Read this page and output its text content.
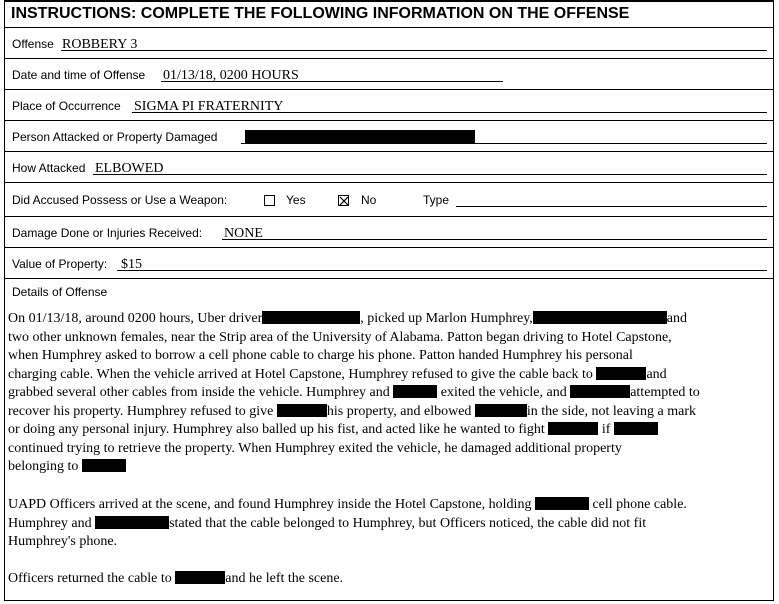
INSTRUCTIONS: COMPLETE THE FOLLOWING INFORMATION ON THE OFFENSE
Offense ROBBERY 3
Date and time of Offense 01/13/18, 0200 HOURS
Place of Occurrence SIGMA PI FRATERNITY
Person Attacked or Property Damaged
How Attacked ELBOWED
Did Accused Possess or Use a Weapon:	Yes	No	Type
Damage Done or Injuries Received: NONE
Value of Property: $15
Details of Offense
On 01/13/18, around 0200 hours, Uber driver	, picked up Marlon Humphrey,	and
two other unknown females, near the Strip area of the University of Alabama. Patton began driving to Hotel Capstone,
when Humphrey asked to borrow a cell phone cable to charge his phone. Patton handed Humphrey his personal
charging cable. When the vehicle arrived at Hotel Capstone, Humphrey refused to give the cable back to	and
grabbed several other cables from inside the vehicle. Humphrey and	exited the vehicle, and	attempted to
recover his property. Humphrey refused to give	his property, and elbowed	in the side, not leaving a mark
or doing any personal injury. Humphrey also balled up his fist, and acted like he wanted to fight	if
continued trying to retrieve the property. When Humphrey exited the vehicle, he damaged additional property
belonging to
UAPD Officers arrived at the scene, and found Humphrey inside the Hotel Capstone, holding	cell phone cable.
Humphrey and	stated that the cable belonged to Humphrey, but Officers noticed, the cable did not fit
Humphrey's phone.
Officers returned the cable to	and he left the scene.
